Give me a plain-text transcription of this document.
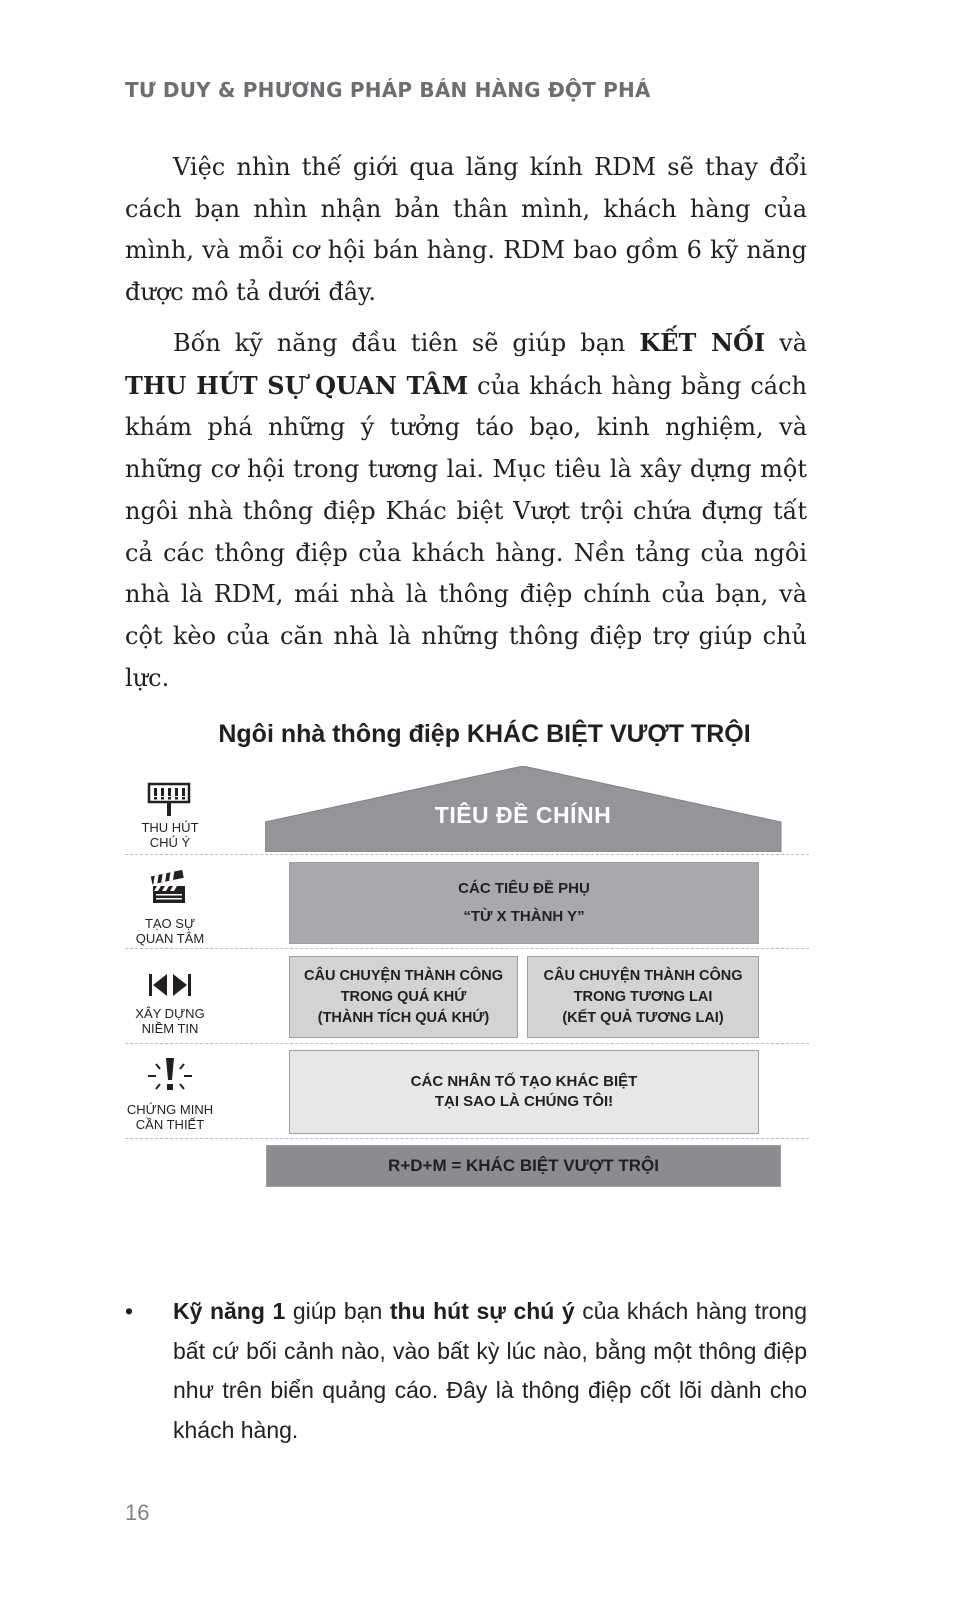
TƯ DUY & PHƯƠNG PHÁP BÁN HÀNG ĐỘT PHÁ

Việc nhìn thế giới qua lăng kính RDM sẽ thay đổi cách bạn nhìn nhận bản thân mình, khách hàng của mình, và mỗi cơ hội bán hàng. RDM bao gồm 6 kỹ năng được mô tả dưới đây.

Bốn kỹ năng đầu tiên sẽ giúp bạn KẾT NỐI và THU HÚT SỰ QUAN TÂM của khách hàng bằng cách khám phá những ý tưởng táo bạo, kinh nghiệm, và những cơ hội trong tương lai. Mục tiêu là xây dựng một ngôi nhà thông điệp Khác biệt Vượt trội chứa đựng tất cả các thông điệp của khách hàng. Nền tảng của ngôi nhà là RDM, mái nhà là thông điệp chính của bạn, và cột kèo của căn nhà là những thông điệp trợ giúp chủ lực.

Ngôi nhà thông điệp KHÁC BIỆT VƯỢT TRỘI
TIÊU ĐỀ CHÍNH
CÁC TIÊU ĐỀ PHỤ
“TỪ X THÀNH Y”
CÂU CHUYỆN THÀNH CÔNG
TRONG QUÁ KHỨ
(THÀNH TÍCH QUÁ KHỨ)
CÂU CHUYỆN THÀNH CÔNG
TRONG TƯƠNG LAI
(KẾT QUẢ TƯƠNG LAI)
CÁC NHÂN TỐ TẠO KHÁC BIỆT
TẠI SAO LÀ CHÚNG TÔI!
R+D+M = KHÁC BIỆT VƯỢT TRỘI
THU HÚT
CHÚ Ý
TẠO SỰ
QUAN TÂM
XÂY DỰNG
NIỀM TIN
CHỨNG MINH
CẦN THIẾT
• Kỹ năng 1 giúp bạn thu hút sự chú ý của khách hàng trong bất cứ bối cảnh nào, vào bất kỳ lúc nào, bằng một thông điệp như trên biển quảng cáo. Đây là thông điệp cốt lõi dành cho khách hàng.
16
